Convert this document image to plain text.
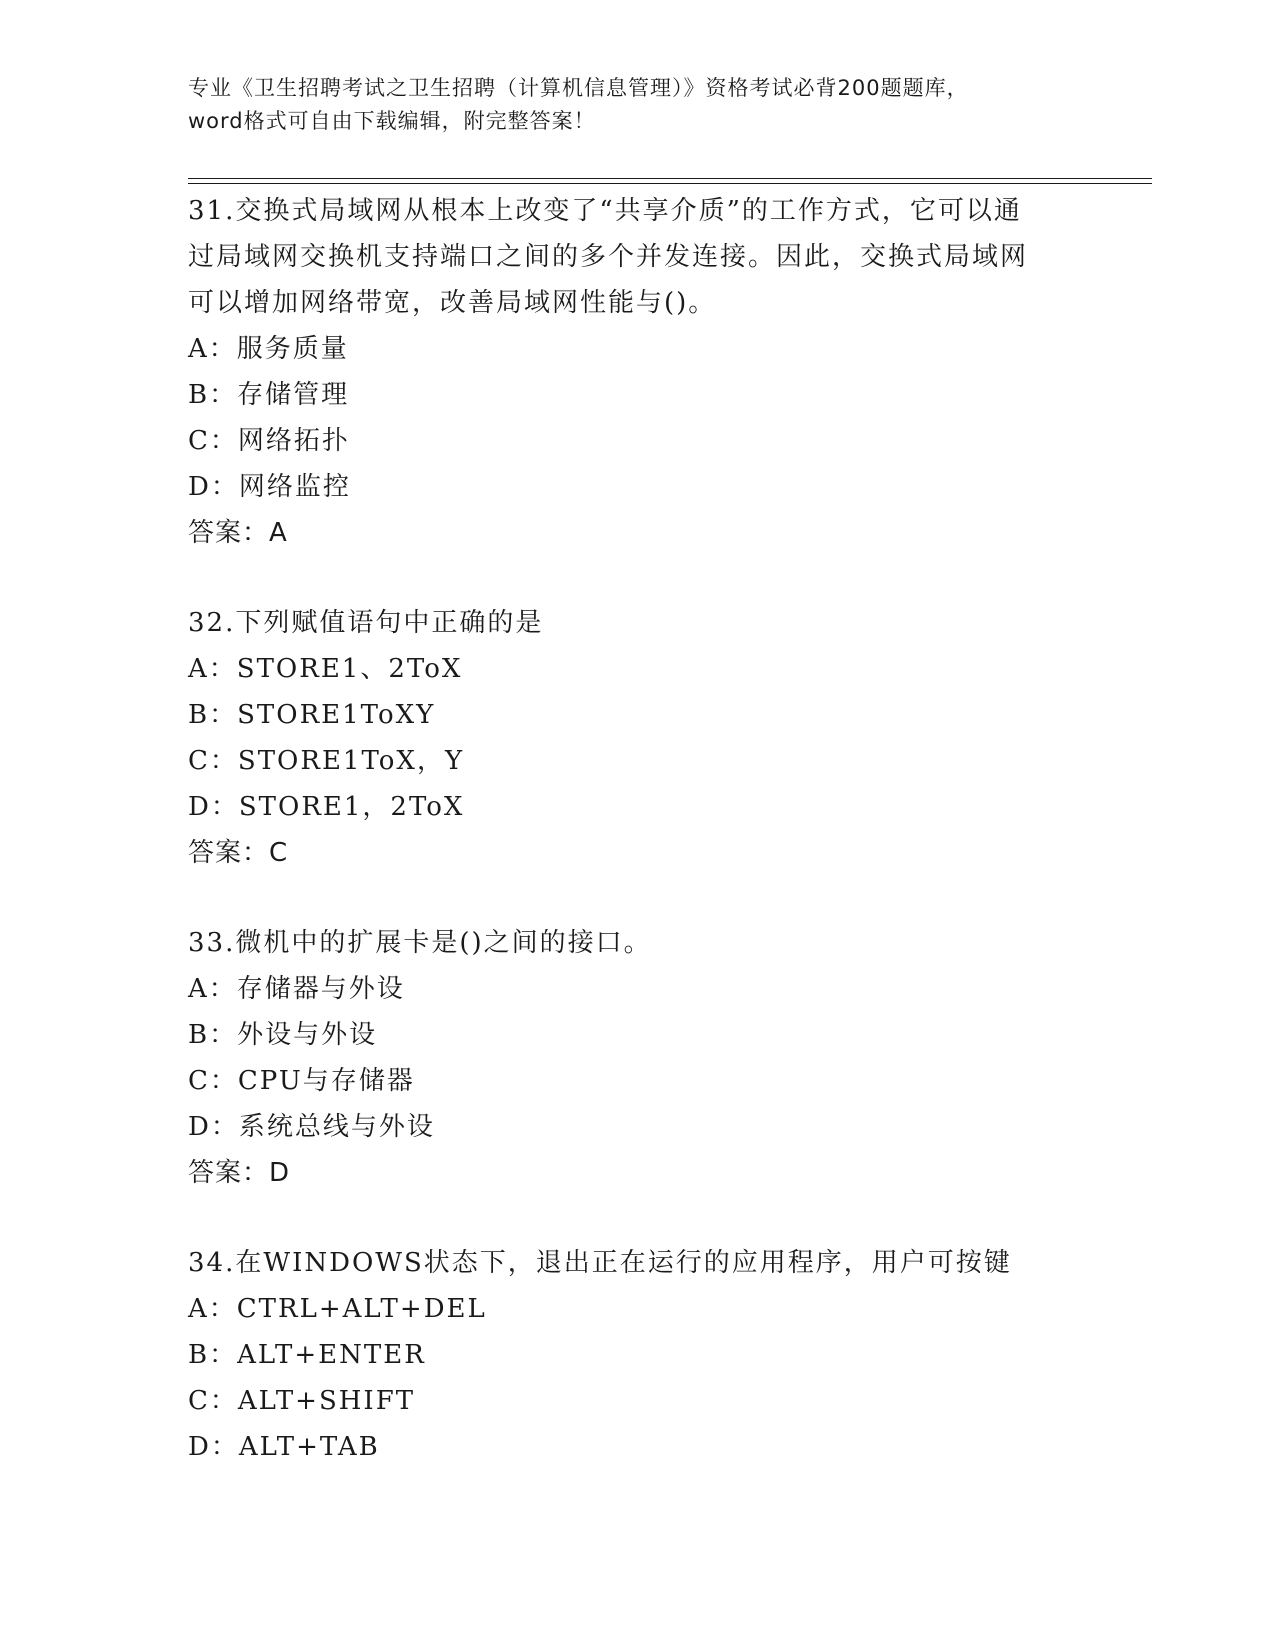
专业《卫生招聘考试之卫生招聘（计算机信息管理）》资格考试必背200题题库，
word格式可自由下载编辑，附完整答案！
31.交换式局域网从根本上改变了“共享介质”的工作方式，它可以通
过局域网交换机支持端口之间的多个并发连接。因此，交换式局域网
可以增加网络带宽，改善局域网性能与()。
A：服务质量
B：存储管理
C：网络拓扑
D：网络监控
答案：A
32.下列赋值语句中正确的是
A：STORE1、2ToX
B：STORE1ToXY
C：STORE1ToX，Y
D：STORE1，2ToX
答案：C
33.微机中的扩展卡是()之间的接口。
A：存储器与外设
B：外设与外设
C：CPU与存储器
D：系统总线与外设
答案：D
34.在WINDOWS状态下，退出正在运行的应用程序，用户可按键
A：CTRL+ALT+DEL
B：ALT+ENTER
C：ALT+SHIFT
D：ALT+TAB
